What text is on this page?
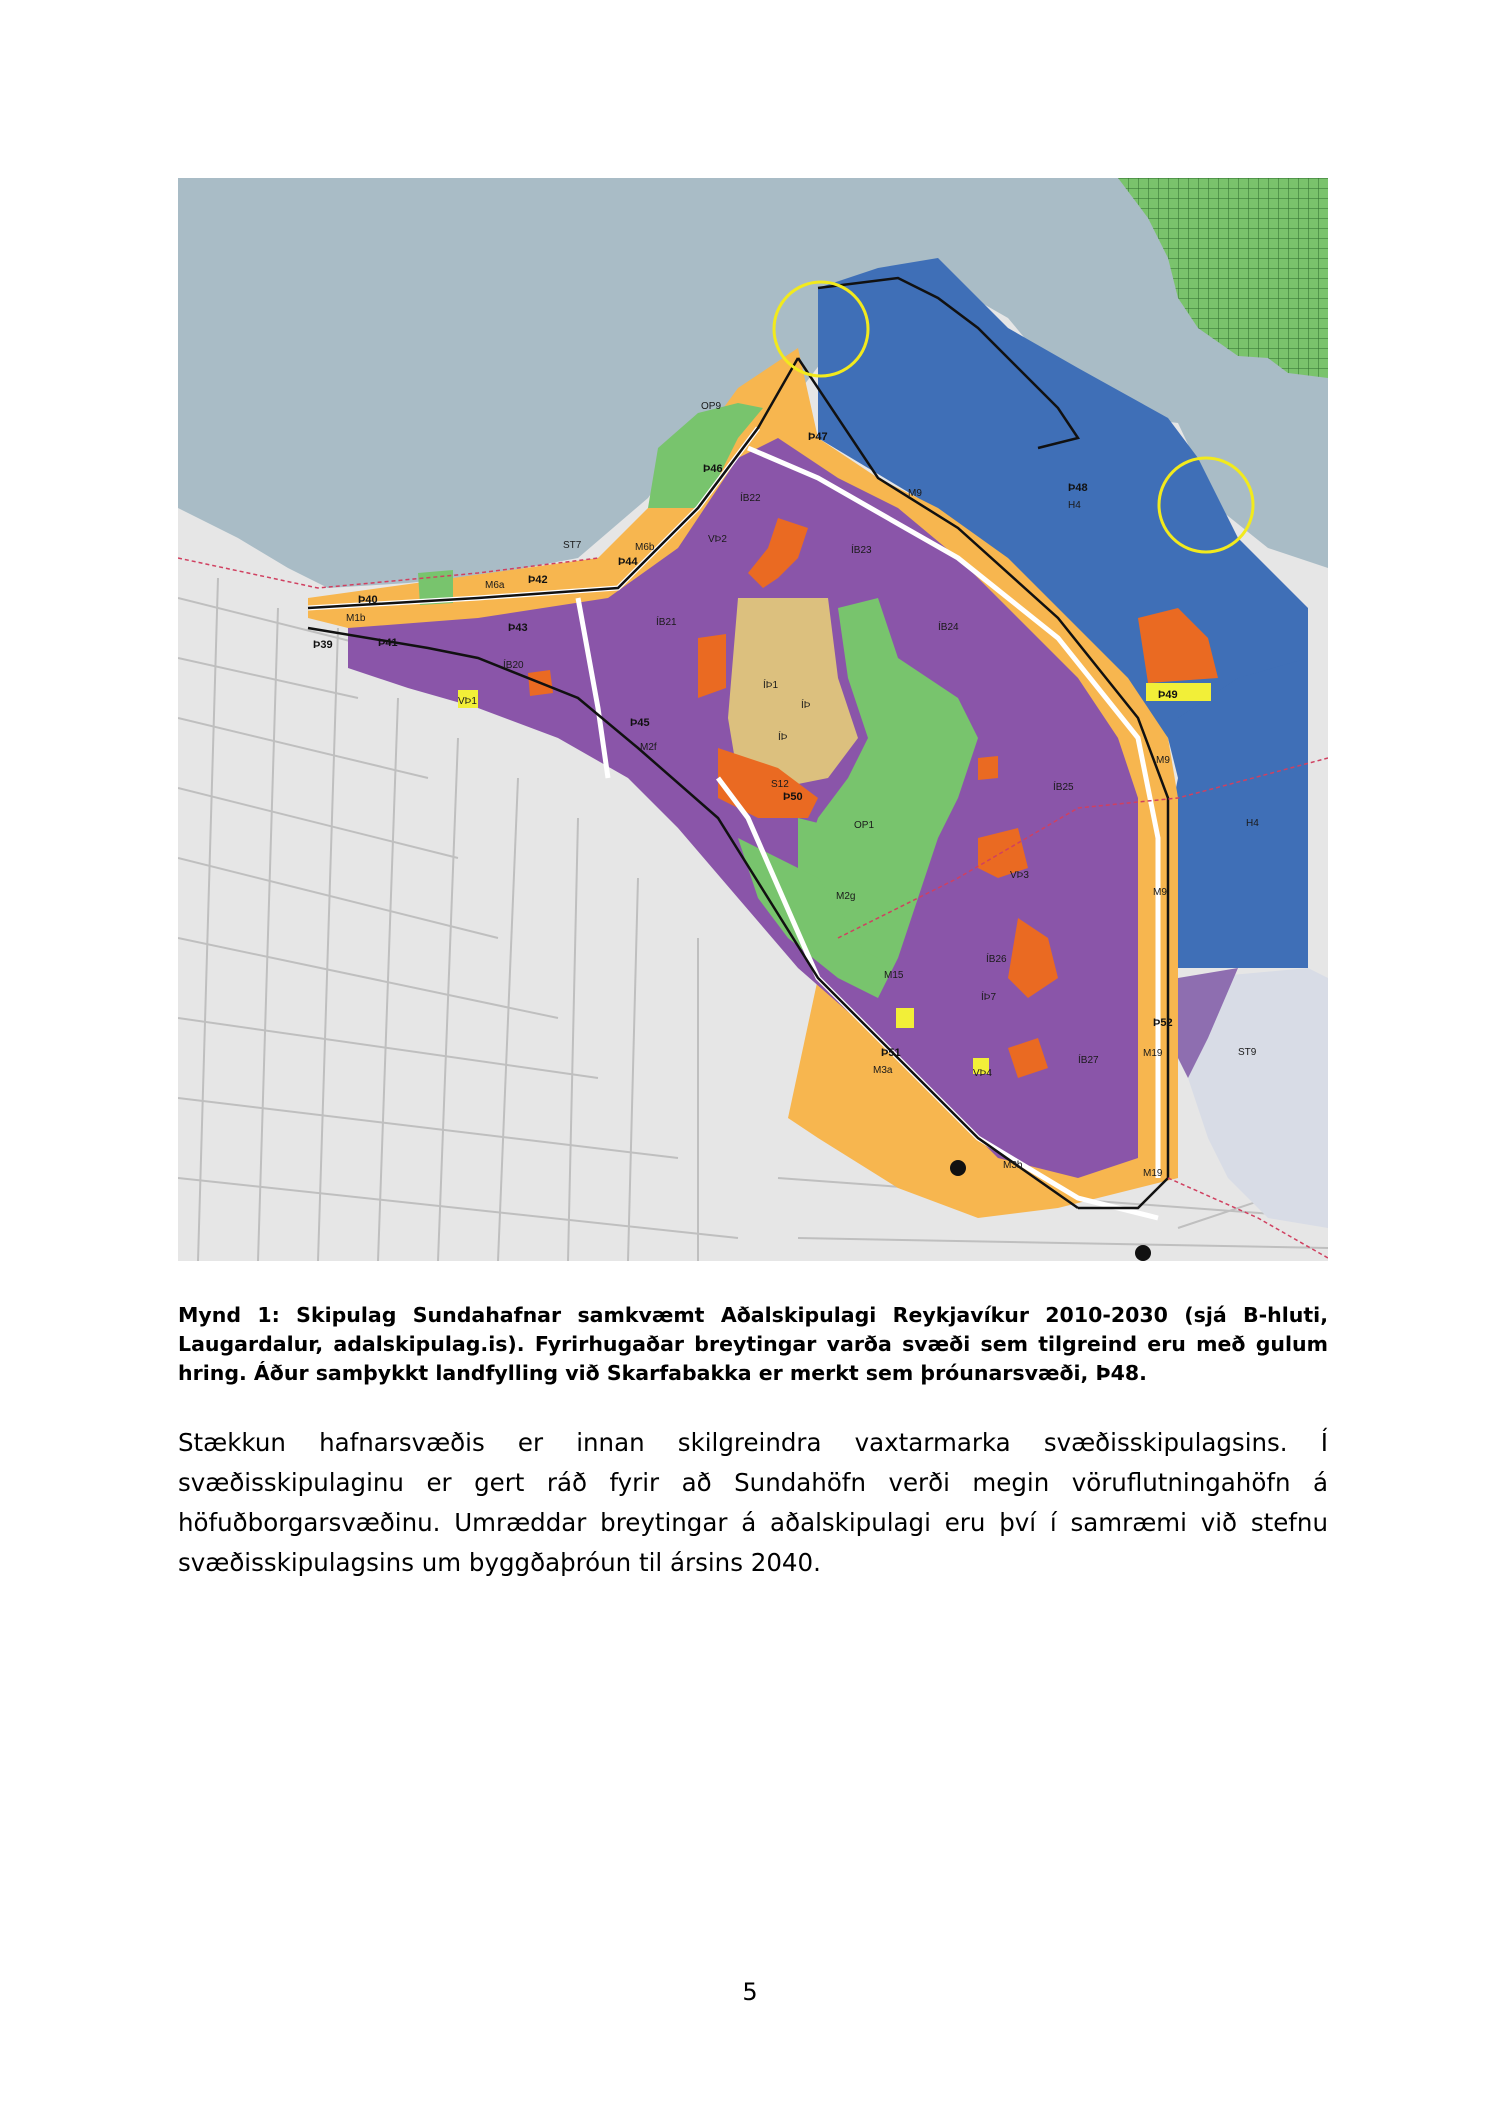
Þ47
Þ46
OP9
ÍB22
VÞ2
ÍB23
M9	Þ48
H4
ST7	M6b
Þ44
M6a Þ42
Þ40
M1b
Þ41
Þ39
Þ43
ÍB20
ÍB21	ÍB24
ÍÞ1
ÍÞ
ÍÞ
VÞ1
Þ45
M2f
S12
Þ50
OP1
Þ49
M9
H4
ÍB25
VÞ3
M2g	M9
M15
ÍB26
ÍÞ7
Þ52
M19	ST9
Þ51
M3a	VÞ4
ÍB27
M3b
M19

Mynd 1: Skipulag Sundahafnar samkvæmt Aðalskipulagi Reykjavíkur 2010-2030 (sjá B-hluti, Laugardalur, adalskipulag.is). Fyrirhugaðar breytingar varða svæði sem tilgreind eru með gulum hring. Áður samþykkt landfylling við Skarfabakka er merkt sem þróunarsvæði, Þ48.

Stækkun hafnarsvæðis er innan skilgreindra vaxtarmarka svæðisskipulagsins. Í svæðisskipulaginu er gert ráð fyrir að Sundahöfn verði megin vöruflutningahöfn á höfuðborgarsvæðinu. Umræddar breytingar á aðalskipulagi eru því í samræmi við stefnu svæðisskipulagsins um byggðaþróun til ársins 2040.

5
